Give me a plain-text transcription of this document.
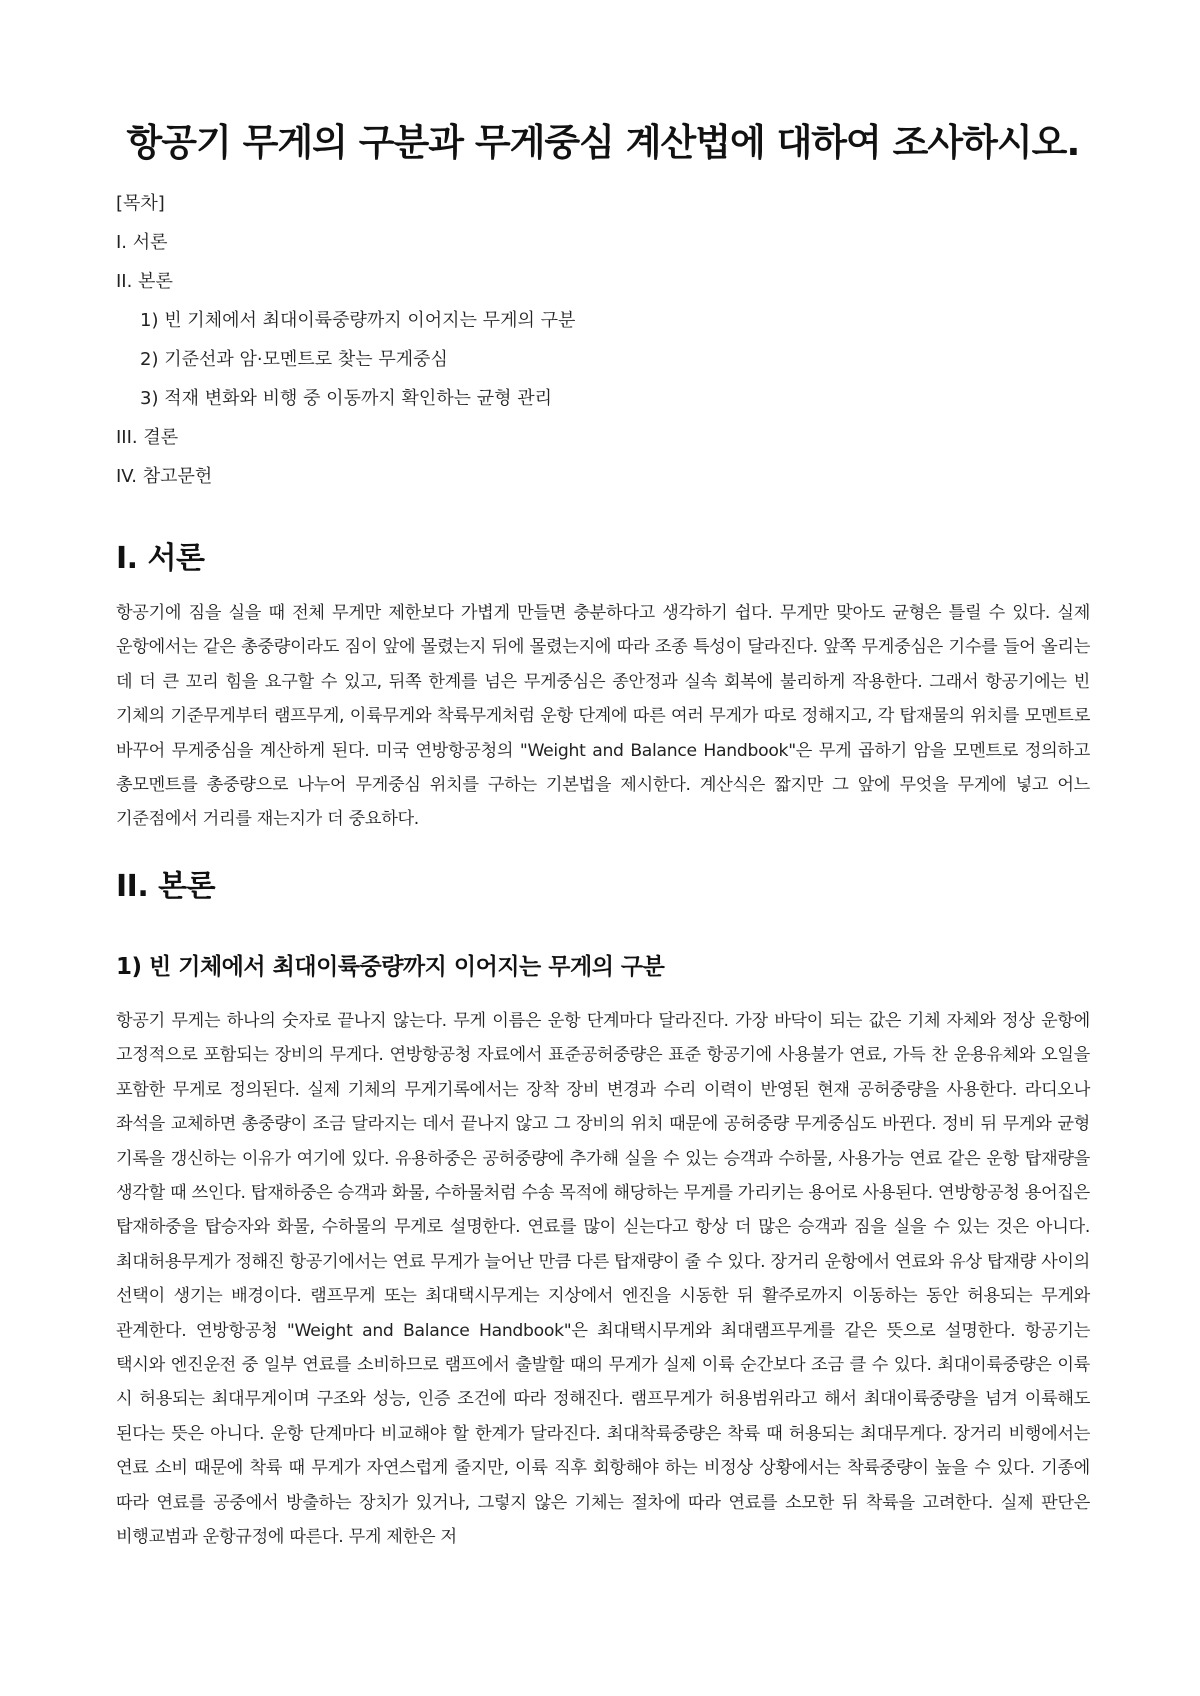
항공기 무게의 구분과 무게중심 계산법에 대하여 조사하시오.
[목차]
I. 서론
II. 본론
1) 빈 기체에서 최대이륙중량까지 이어지는 무게의 구분
2) 기준선과 암·모멘트로 찾는 무게중심
3) 적재 변화와 비행 중 이동까지 확인하는 균형 관리
III. 결론
IV. 참고문헌
I. 서론

항공기에 짐을 실을 때 전체 무게만 제한보다 가볍게 만들면 충분하다고 생각하기 쉽다. 무게만 맞아도 균형은 틀릴 수 있다. 실제 운항에서는 같은 총중량이라도 짐이 앞에 몰렸는지 뒤에 몰렸는지에 따라 조종 특성이 달라진다. 앞쪽 무게중심은 기수를 들어 올리는 데 더 큰 꼬리 힘을 요구할 수 있고, 뒤쪽 한계를 넘은 무게중심은 종안정과 실속 회복에 불리하게 작용한다. 그래서 항공기에는 빈 기체의 기준무게부터 램프무게, 이륙무게와 착륙무게처럼 운항 단계에 따른 여러 무게가 따로 정해지고, 각 탑재물의 위치를 모멘트로 바꾸어 무게중심을 계산하게 된다. 미국 연방항공청의 "Weight and Balance Handbook"은 무게 곱하기 암을 모멘트로 정의하고 총모멘트를 총중량으로 나누어 무게중심 위치를 구하는 기본법을 제시한다. 계산식은 짧지만 그 앞에 무엇을 무게에 넣고 어느 기준점에서 거리를 재는지가 더 중요하다.

II. 본론
1) 빈 기체에서 최대이륙중량까지 이어지는 무게의 구분

항공기 무게는 하나의 숫자로 끝나지 않는다. 무게 이름은 운항 단계마다 달라진다. 가장 바닥이 되는 값은 기체 자체와 정상 운항에 고정적으로 포함되는 장비의 무게다. 연방항공청 자료에서 표준공허중량은 표준 항공기에 사용불가 연료, 가득 찬 운용유체와 오일을 포함한 무게로 정의된다. 실제 기체의 무게기록에서는 장착 장비 변경과 수리 이력이 반영된 현재 공허중량을 사용한다. 라디오나 좌석을 교체하면 총중량이 조금 달라지는 데서 끝나지 않고 그 장비의 위치 때문에 공허중량 무게중심도 바뀐다. 정비 뒤 무게와 균형 기록을 갱신하는 이유가 여기에 있다. 유용하중은 공허중량에 추가해 실을 수 있는 승객과 수하물, 사용가능 연료 같은 운항 탑재량을 생각할 때 쓰인다. 탑재하중은 승객과 화물, 수하물처럼 수송 목적에 해당하는 무게를 가리키는 용어로 사용된다. 연방항공청 용어집은 탑재하중을 탑승자와 화물, 수하물의 무게로 설명한다. 연료를 많이 싣는다고 항상 더 많은 승객과 짐을 실을 수 있는 것은 아니다. 최대허용무게가 정해진 항공기에서는 연료 무게가 늘어난 만큼 다른 탑재량이 줄 수 있다. 장거리 운항에서 연료와 유상 탑재량 사이의 선택이 생기는 배경이다. 램프무게 또는 최대택시무게는 지상에서 엔진을 시동한 뒤 활주로까지 이동하는 동안 허용되는 무게와 관계한다. 연방항공청 "Weight and Balance Handbook"은 최대택시무게와 최대램프무게를 같은 뜻으로 설명한다. 항공기는 택시와 엔진운전 중 일부 연료를 소비하므로 램프에서 출발할 때의 무게가 실제 이륙 순간보다 조금 클 수 있다. 최대이륙중량은 이륙 시 허용되는 최대무게이며 구조와 성능, 인증 조건에 따라 정해진다. 램프무게가 허용범위라고 해서 최대이륙중량을 넘겨 이륙해도 된다는 뜻은 아니다. 운항 단계마다 비교해야 할 한계가 달라진다. 최대착륙중량은 착륙 때 허용되는 최대무게다. 장거리 비행에서는 연료 소비 때문에 착륙 때 무게가 자연스럽게 줄지만, 이륙 직후 회항해야 하는 비정상 상황에서는 착륙중량이 높을 수 있다. 기종에 따라 연료를 공중에서 방출하는 장치가 있거나, 그렇지 않은 기체는 절차에 따라 연료를 소모한 뒤 착륙을 고려한다. 실제 판단은 비행교범과 운항규정에 따른다. 무게 제한은 저
